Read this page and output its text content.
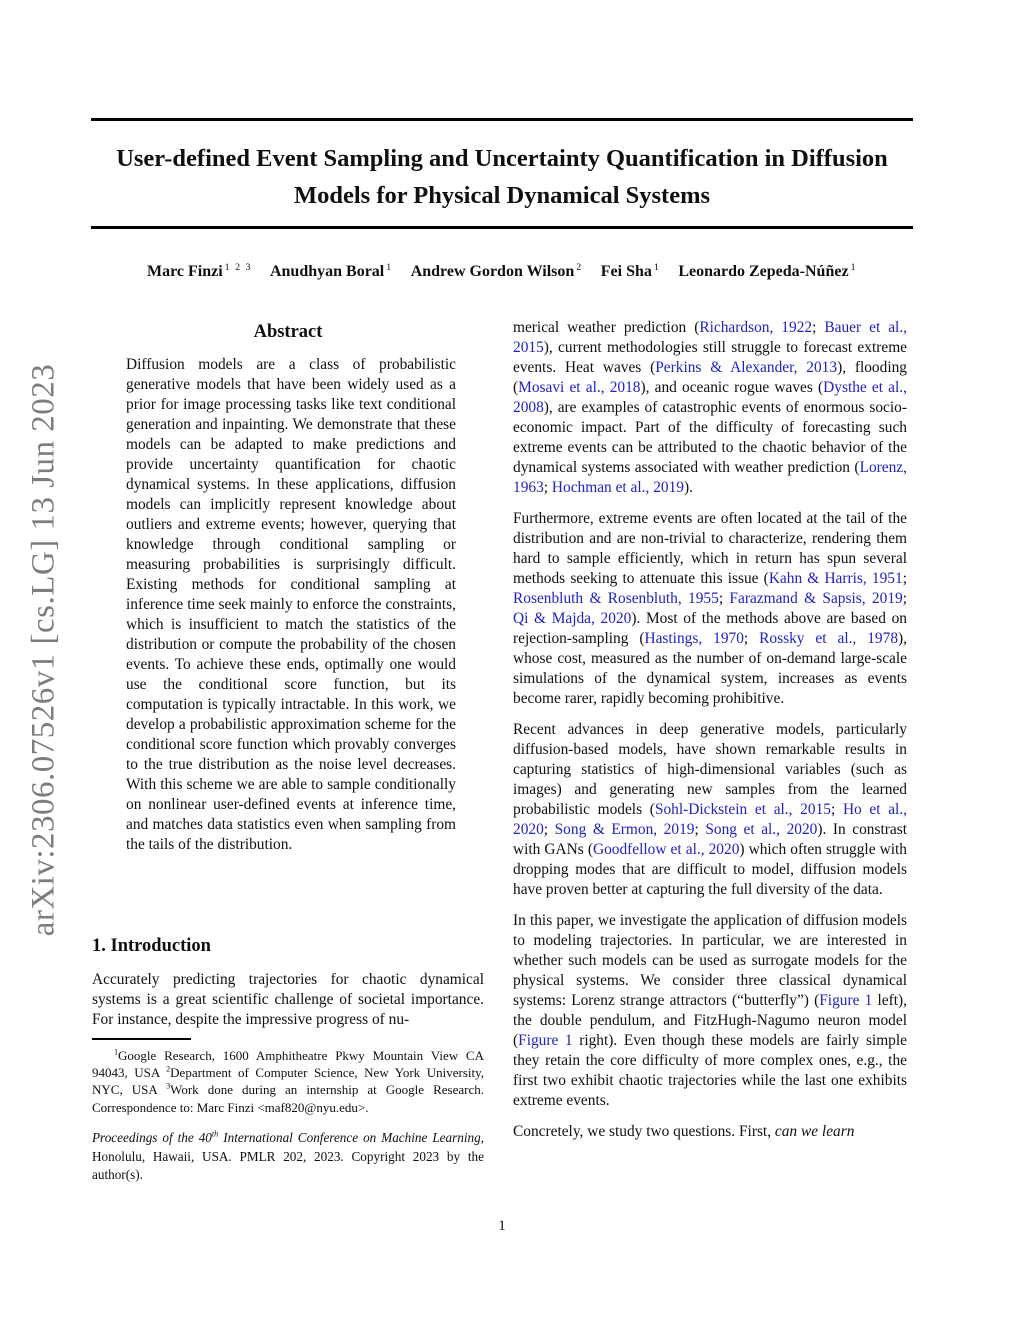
arXiv:2306.07526v1 [cs.LG] 13 Jun 2023
User-defined Event Sampling and Uncertainty Quantification in Diffusion
Models for Physical Dynamical Systems
Marc Finzi $^{1 2 3}$ Anudhyan Boral $^1$ Andrew Gordon Wilson $^2$ Fei Sha $^1$ Leonardo Zepeda-Núñez $^1$
Abstract
Diffusion models are a class of probabilistic generative models that have been widely used as a prior for image processing tasks like text conditional generation and inpainting. We demonstrate that these models can be adapted to make predictions and provide uncertainty quantification for chaotic dynamical systems. In these applications, diffusion models can implicitly represent knowledge about outliers and extreme events; however, querying that knowledge through conditional sampling or measuring probabilities is surprisingly difficult. Existing methods for conditional sampling at inference time seek mainly to enforce the constraints, which is insufficient to match the statistics of the distribution or compute the probability of the chosen events. To achieve these ends, optimally one would use the conditional score function, but its computation is typically intractable. In this work, we develop a probabilistic approximation scheme for the conditional score function which provably converges to the true distribution as the noise level decreases. With this scheme we are able to sample conditionally on nonlinear user-defined events at inference time, and matches data statistics even when sampling from the tails of the distribution.
1. Introduction

Accurately predicting trajectories for chaotic dynamical systems is a great scientific challenge of societal importance. For instance, despite the impressive progress of nu-

$^1$Google Research, 1600 Amphitheatre Pkwy Mountain View CA 94043, USA $^2$Department of Computer Science, New York University, NYC, USA $^3$Work done during an internship at Google Research. Correspondence to: Marc Finzi <maf820@nyu.edu>.

Proceedings of the 40th International Conference on Machine Learning, Honolulu, Hawaii, USA. PMLR 202, 2023. Copyright 2023 by the author(s).

merical weather prediction (Richardson, 1922; Bauer et al., 2015), current methodologies still struggle to forecast extreme events. Heat waves (Perkins & Alexander, 2013), flooding (Mosavi et al., 2018), and oceanic rogue waves (Dysthe et al., 2008), are examples of catastrophic events of enormous socio-economic impact. Part of the difficulty of forecasting such extreme events can be attributed to the chaotic behavior of the dynamical systems associated with weather prediction (Lorenz, 1963; Hochman et al., 2019).

Furthermore, extreme events are often located at the tail of the distribution and are non-trivial to characterize, rendering them hard to sample efficiently, which in return has spun several methods seeking to attenuate this issue (Kahn & Harris, 1951; Rosenbluth & Rosenbluth, 1955; Farazmand & Sapsis, 2019; Qi & Majda, 2020). Most of the methods above are based on rejection-sampling (Hastings, 1970; Rossky et al., 1978), whose cost, measured as the number of on-demand large-scale simulations of the dynamical system, increases as events become rarer, rapidly becoming prohibitive.

Recent advances in deep generative models, particularly diffusion-based models, have shown remarkable results in capturing statistics of high-dimensional variables (such as images) and generating new samples from the learned probabilistic models (Sohl-Dickstein et al., 2015; Ho et al., 2020; Song & Ermon, 2019; Song et al., 2020). In constrast with GANs (Goodfellow et al., 2020) which often struggle with dropping modes that are difficult to model, diffusion models have proven better at capturing the full diversity of the data.

In this paper, we investigate the application of diffusion models to modeling trajectories. In particular, we are interested in whether such models can be used as surrogate models for the physical systems. We consider three classical dynamical systems: Lorenz strange attractors (“butterfly”) (Figure 1 left), the double pendulum, and FitzHugh-Nagumo neuron model (Figure 1 right). Even though these models are fairly simple they retain the core difficulty of more complex ones, e.g., the first two exhibit chaotic trajectories while the last one exhibits extreme events.

Concretely, we study two questions. First, can we learn

1
